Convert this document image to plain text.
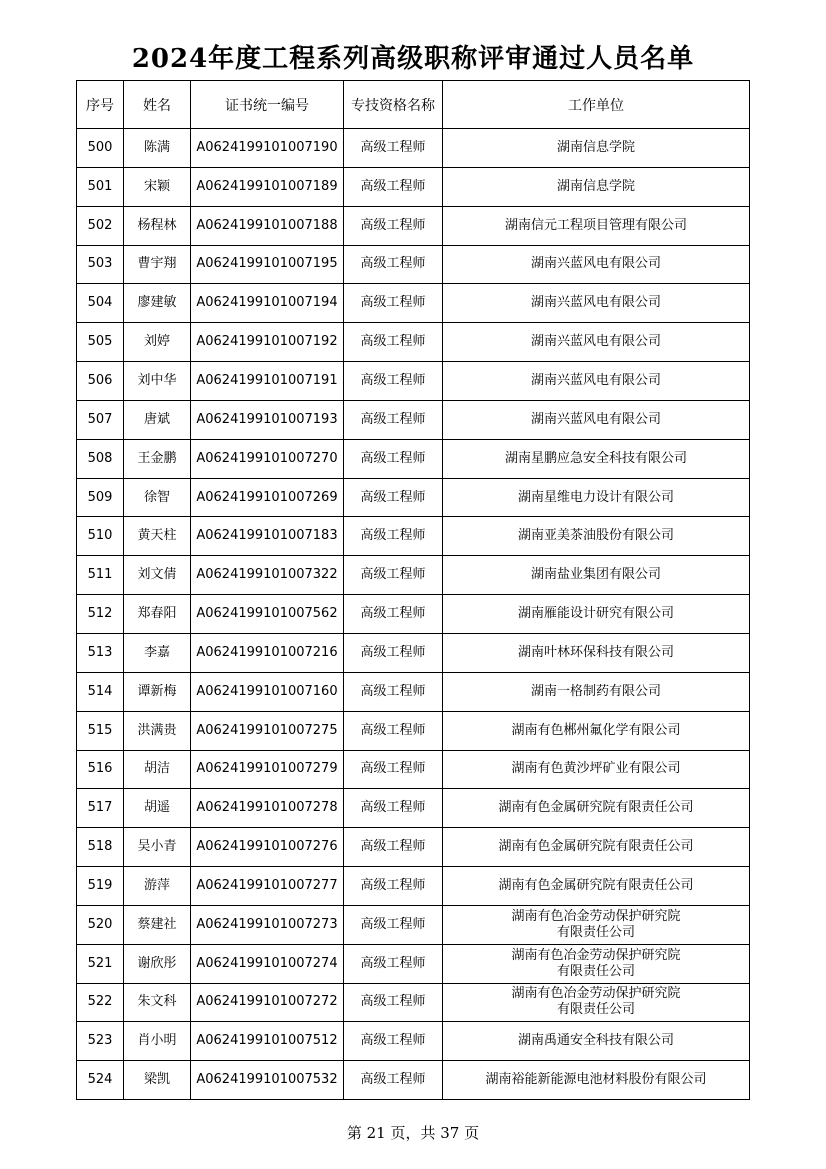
2024年度工程系列高级职称评审通过人员名单
序号	姓名	证书统一编号	专技资格名称	工作单位
500	陈满	A0624199101007190	高级工程师	湖南信息学院

501	宋颖	A0624199101007189	高级工程师	湖南信息学院

502	杨程林	A0624199101007188	高级工程师	湖南信元工程项目管理有限公司

503	曹宇翔	A0624199101007195	高级工程师	湖南兴蓝风电有限公司

504	廖建敏	A0624199101007194	高级工程师	湖南兴蓝风电有限公司

505	刘婷	A0624199101007192	高级工程师	湖南兴蓝风电有限公司

506	刘中华	A0624199101007191	高级工程师	湖南兴蓝风电有限公司

507	唐斌	A0624199101007193	高级工程师	湖南兴蓝风电有限公司

508	王金鹏	A0624199101007270	高级工程师	湖南星鹏应急安全科技有限公司

509	徐智	A0624199101007269	高级工程师	湖南星维电力设计有限公司

510	黄天柱	A0624199101007183	高级工程师	湖南亚美茶油股份有限公司

511	刘文倩	A0624199101007322	高级工程师	湖南盐业集团有限公司

512	郑春阳	A0624199101007562	高级工程师	湖南雁能设计研究有限公司

513	李嘉	A0624199101007216	高级工程师	湖南叶林环保科技有限公司

514	谭新梅	A0624199101007160	高级工程师	湖南一格制药有限公司

515	洪满贵	A0624199101007275	高级工程师	湖南有色郴州氟化学有限公司

516	胡洁	A0624199101007279	高级工程师	湖南有色黄沙坪矿业有限公司

517	胡遥	A0624199101007278	高级工程师	湖南有色金属研究院有限责任公司

518	吴小青	A0624199101007276	高级工程师	湖南有色金属研究院有限责任公司

519	游萍	A0624199101007277	高级工程师	湖南有色金属研究院有限责任公司

520	蔡建社	A0624199101007273	高级工程师	湖南有色冶金劳动保护研究院
有限责任公司

521	谢欣彤	A0624199101007274	高级工程师	湖南有色冶金劳动保护研究院
有限责任公司

522	朱文科	A0624199101007272	高级工程师	湖南有色冶金劳动保护研究院
有限责任公司

523	肖小明	A0624199101007512	高级工程师	湖南禹通安全科技有限公司

524	梁凯	A0624199101007532	高级工程师	湖南裕能新能源电池材料股份有限公司
第 21 页，共 37 页
